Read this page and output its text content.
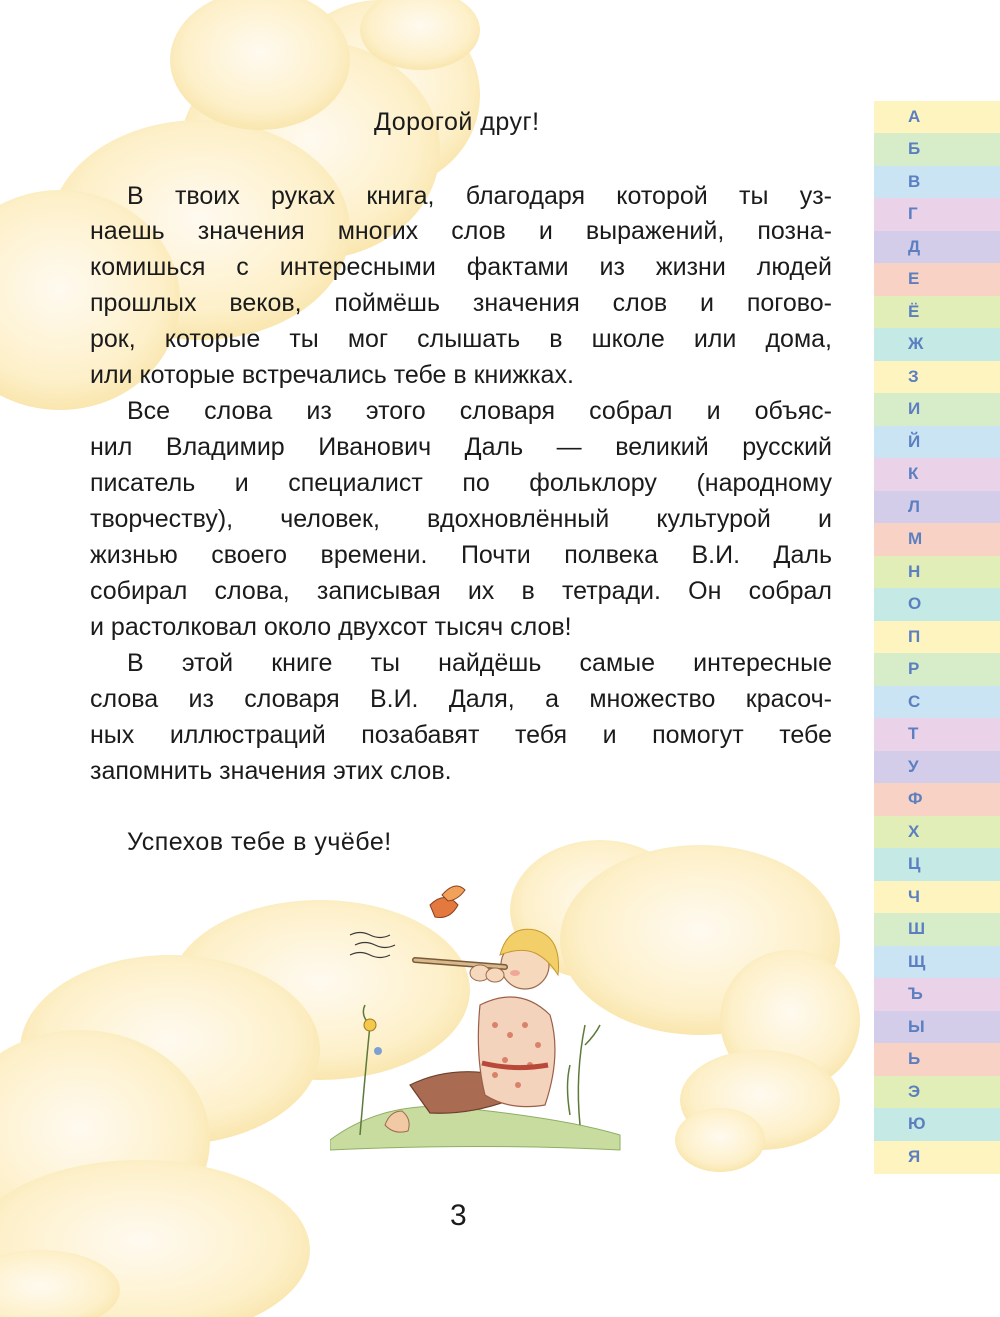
Дорогой друг!
В твоих руках книга, благодаря которой ты уз-
наешь значения многих слов и выражений, позна-
комишься с интересными фактами из жизни людей
прошлых веков, поймёшь значения слов и погово-
рок, которые ты мог слышать в школе или дома,
или которые встречались тебе в книжках.
Все слова из этого словаря собрал и объяс-
нил Владимир Иванович Даль — великий русский
писатель и специалист по фольклору (народному
творчеству), человек, вдохновлённый культурой и
жизнью своего времени. Почти полвека В.И. Даль
собирал слова, записывая их в тетради. Он собрал
и растолковал около двухсот тысяч слов!
В этой книге ты найдёшь самые интересные
слова из словаря В.И. Даля, а множество красоч-
ных иллюстраций позабавят тебя и помогут тебе
запомнить значения этих слов.
Успехов тебе в учёбе!
3
А
Б
В
Г
Д
Е
Ё
Ж
З
И
Й
К
Л
М
Н
О
П
Р
С
Т
У
Ф
Х
Ц
Ч
Ш
Щ
Ъ
Ы
Ь
Э
Ю
Я
